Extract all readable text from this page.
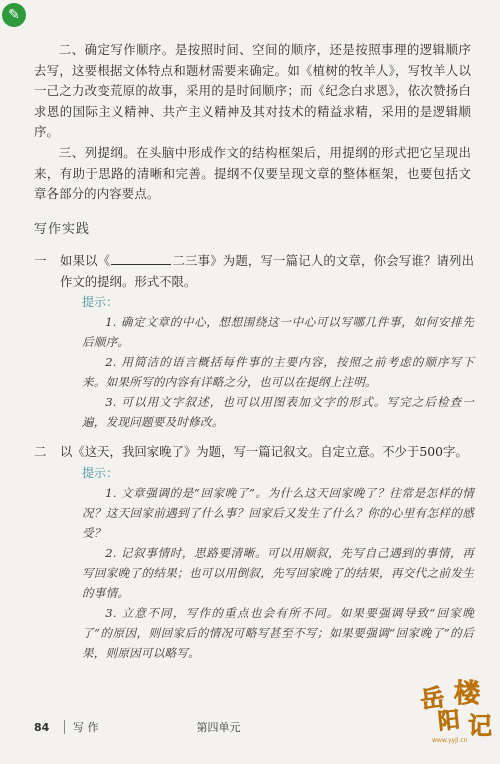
✎

二、确定写作顺序。是按照时间、空间的顺序，还是按照事理的逻辑顺序去写，这要根据文体特点和题材需要来确定。如《植树的牧羊人》，写牧羊人以一己之力改变荒原的故事，采用的是时间顺序；而《纪念白求恩》，依次赞扬白求恩的国际主义精神、共产主义精神及其对技术的精益求精，采用的是逻辑顺序。

三、列提纲。在头脑中形成作文的结构框架后，用提纲的形式把它呈现出来，有助于思路的清晰和完善。提纲不仅要呈现文章的整体框架，也要包括文章各部分的内容要点。

写作实践
一	如果以《	二三事》为题，写一篇记人的文章，你会写谁？请列出作文的提纲。形式不限。
提示：

1. 确定文章的中心，想想围绕这一中心可以写哪几件事，如何安排先后顺序。

2. 用简洁的语言概括每件事的主要内容，按照之前考虑的顺序写下来。如果所写的内容有详略之分，也可以在提纲上注明。

3. 可以用文字叙述，也可以用图表加文字的形式。写完之后检查一遍，发现问题要及时修改。

二	以《这天，我回家晚了》为题，写一篇记叙文。自定立意。不少于500字。
提示：

1. 文章强调的是“回家晚了”。为什么这天回家晚了？往常是怎样的情况？这天回家前遇到了什么事？回家后又发生了什么？你的心里有怎样的感受？

2. 记叙事情时，思路要清晰。可以用顺叙，先写自己遇到的事情，再写回家晚了的结果；也可以用倒叙，先写回家晚了的结果，再交代之前发生的事情。

3. 立意不同，写作的重点也会有所不同。如果要强调导致“回家晚了”的原因，则回家后的情况可略写甚至不写；如果要强调“回家晚了”的后果，则原因可以略写。

84	写 作	第四单元
岳 楼
阳 记
www.yyjl.cn
